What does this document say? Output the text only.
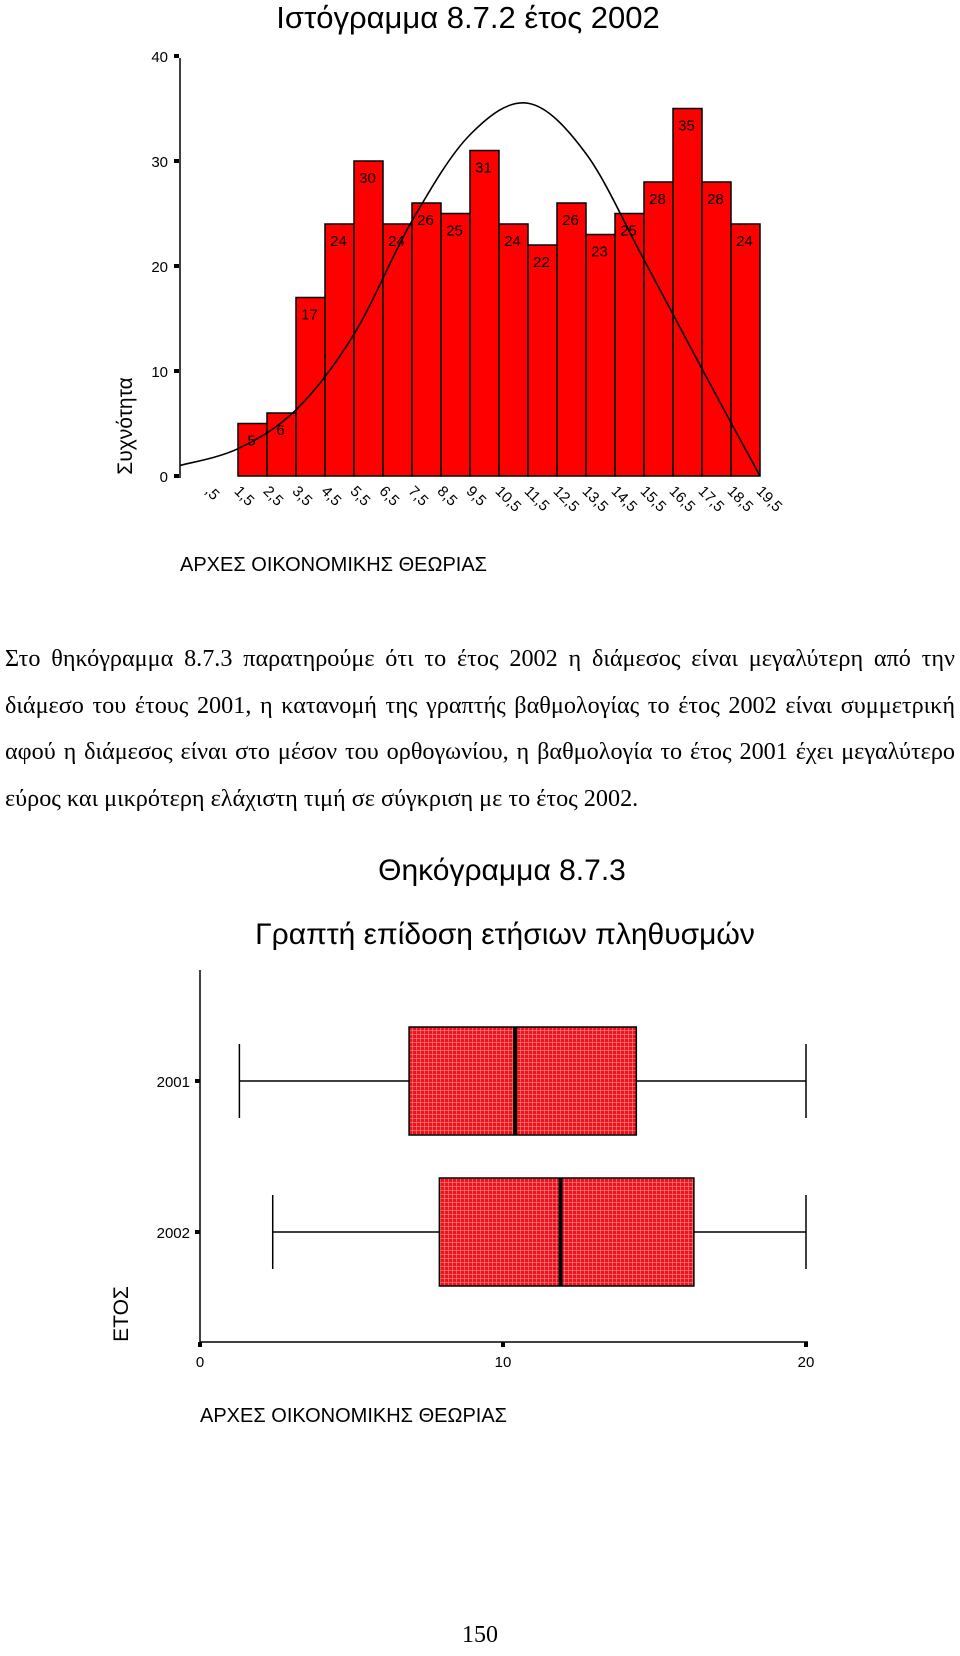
Ιστόγραμμα 8.7.2 έτος 2002
Συχνότητα
0
10
20
30
40
5
6
17
24
30
24
26
25
31
24
22
26
23
25
28
35
28
24
,5 1,5 2,5 3,5 4,5 5,5 6,5 7,5 8,5 9,5 10,5
11,5
12,5
13,5
14,5
15,5
16,5
17,5
18,5
19,5
ΑΡΧΕΣ ΟΙΚΟΝΟΜΙΚΗΣ ΘΕΩΡΙΑΣ

Στο θηκόγραμμα 8.7.3 παρατηρούμε ότι το έτος 2002 η διάμεσος είναι μεγαλύτερη από την διάμεσο του έτους 2001, η κατανομή της γραπτής βαθμολογίας το έτος 2002 είναι συμμετρική αφού η διάμεσος είναι στο μέσον του ορθογωνίου, η βαθμολογία το έτος 2001 έχει μεγαλύτερο εύρος και μικρότερη ελάχιστη τιμή σε σύγκριση με το έτος 2002.

Θηκόγραμμα 8.7.3
Γραπτή επίδοση ετήσιων πληθυσμών
ΕΤΟΣ
2001
2002
0	10	20
ΑΡΧΕΣ ΟΙΚΟΝΟΜΙΚΗΣ ΘΕΩΡΙΑΣ
150
